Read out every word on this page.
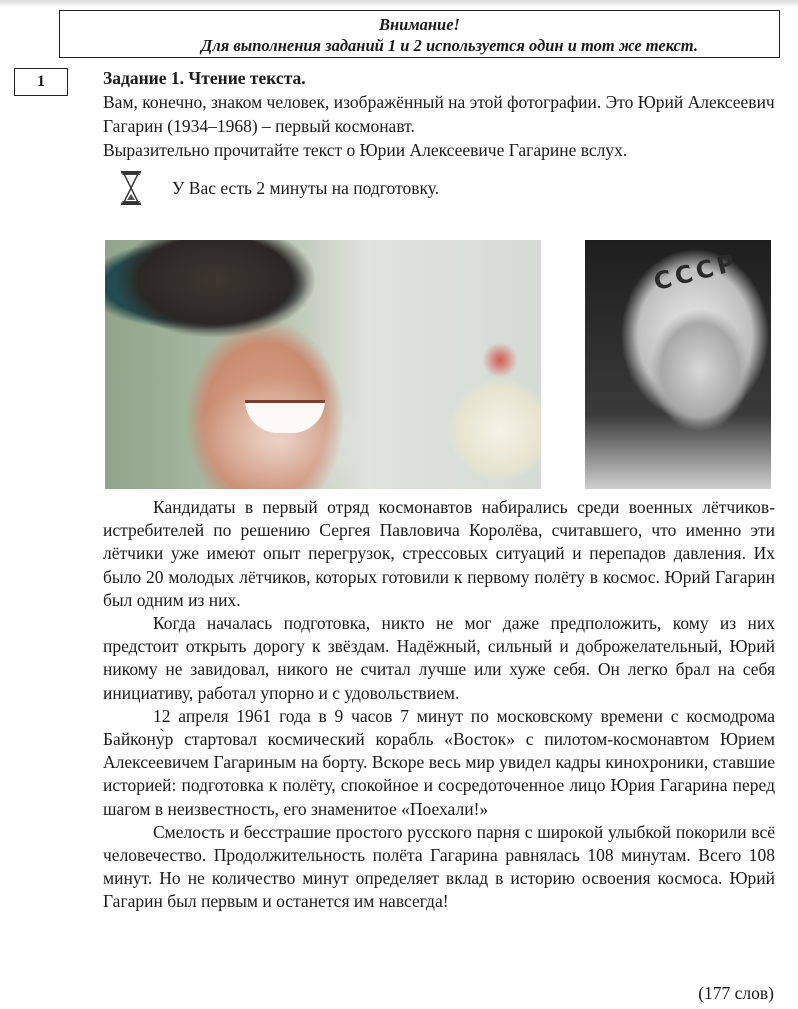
Внимание!
Для выполнения заданий 1 и 2 используется один и тот же текст.
1	Задание 1. Чтение текста.
Вам, конечно, знаком человек, изображённый на этой фотографии. Это Юрий Алексеевич Гагарин (1934–1968) – первый космонавт.
Выразительно прочитайте текст о Юрии Алексеевиче Гагарине вслух.
У Вас есть 2 минуты на подготовку.
СССР

Кандидаты в первый отряд космонавтов набирались среди военных лётчиков-истребителей по решению Сергея Павловича Королёва, считавшего, что именно эти лётчики уже имеют опыт перегрузок, стрессовых ситуаций и перепадов давления. Их было 20 молодых лётчиков, которых готовили к первому полёту в космос. Юрий Гагарин был одним из них.

Когда началась подготовка, никто не мог даже предположить, кому из них предстоит открыть дорогу к звёздам. Надёжный, сильный и доброжелательный, Юрий никому не завидовал, никого не считал лучше или хуже себя. Он легко брал на себя инициативу, работал упорно и с удовольствием.

12 апреля 1961 года в 9 часов 7 минут по московскому времени с космодрома Байкону̀р стартовал космический корабль «Восток» с пилотом-космонавтом Юрием Алексеевичем Гагариным на борту. Вскоре весь мир увидел кадры кинохроники, ставшие историей: подготовка к полёту, спокойное и сосредоточенное лицо Юрия Гагарина перед шагом в неизвестность, его знаменитое «Поехали!»

Смелость и бесстрашие простого русского парня с широкой улыбкой покорили всё человечество. Продолжительность полёта Гагарина равнялась 108 минутам. Всего 108 минут. Но не количество минут определяет вклад в историю освоения космоса. Юрий Гагарин был первым и останется им навсегда!

(177 слов)
